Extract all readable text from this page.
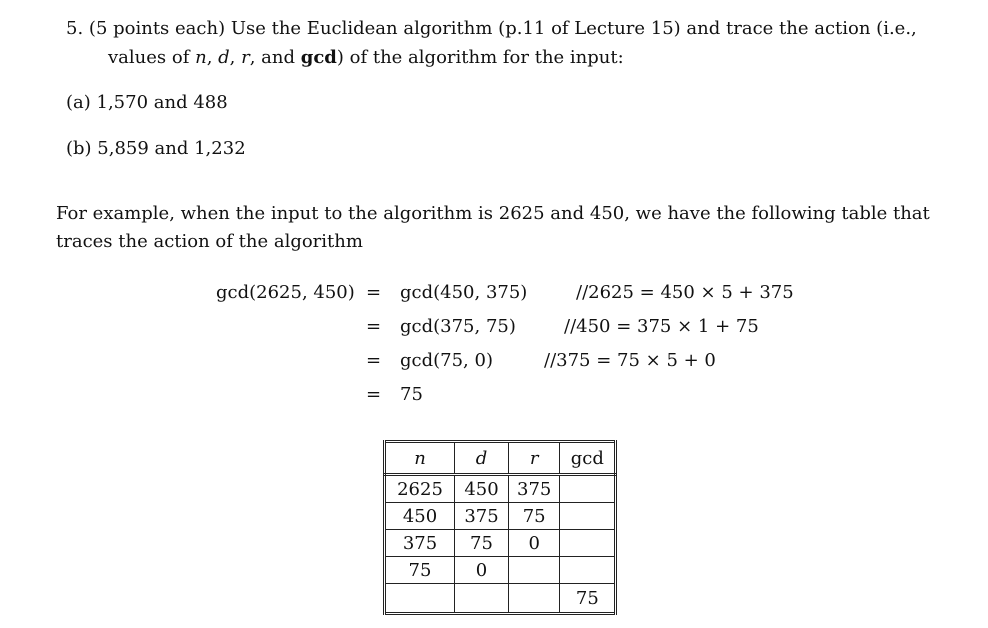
5. (5 points each) Use the Euclidean algorithm (p.11 of Lecture 15) and trace the action (i.e.,
values of n, d, r, and gcd) of the algorithm for the input:
(a) 1,570 and 488
(b) 5,859 and 1,232
For example, when the input to the algorithm is 2625 and 450, we have the following table that
traces the action of the algorithm
gcd(2625, 450) = gcd(450, 375)	//2625 = 450 × 5 + 375
= gcd(375, 75)	//450 = 375 × 1 + 75
= gcd(75, 0)	//375 = 75 × 5 + 0
= 75
n	d	r	gcd
2625	450	375	
450	375	75	
375	75	0	
75	0		
			75
